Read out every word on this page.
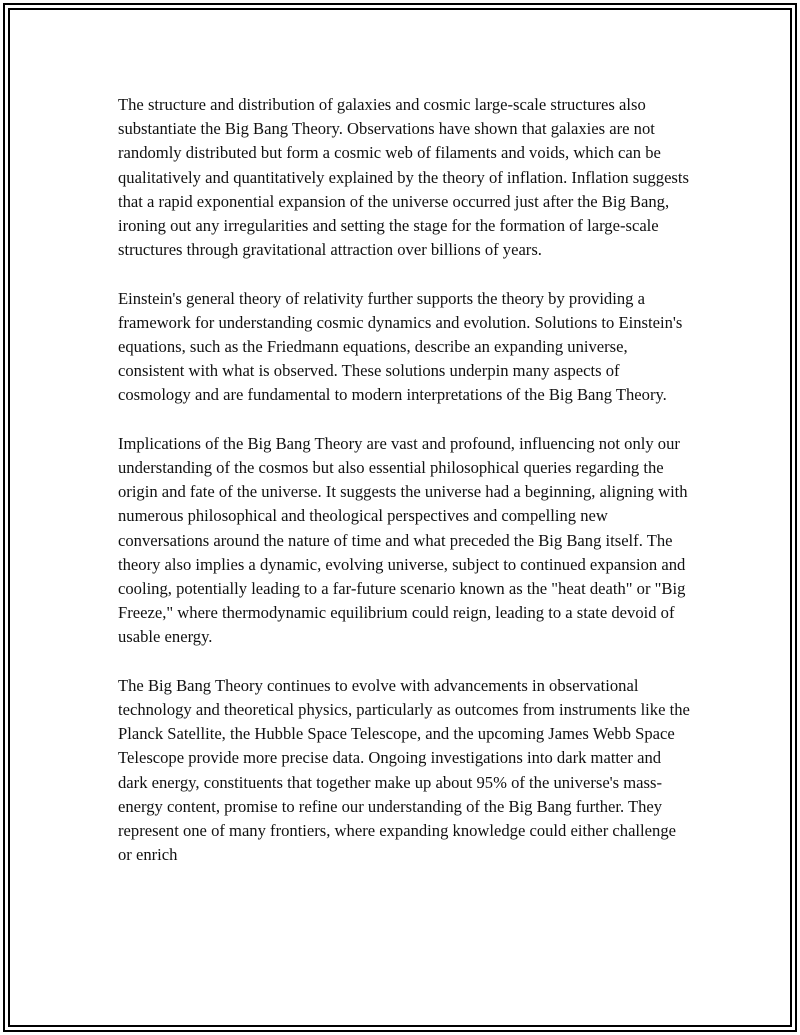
The structure and distribution of galaxies and cosmic large-scale structures also substantiate the Big Bang Theory. Observations have shown that galaxies are not randomly distributed but form a cosmic web of filaments and voids, which can be qualitatively and quantitatively explained by the theory of inflation. Inflation suggests that a rapid exponential expansion of the universe occurred just after the Big Bang, ironing out any irregularities and setting the stage for the formation of large-scale structures through gravitational attraction over billions of years.

Einstein's general theory of relativity further supports the theory by providing a framework for understanding cosmic dynamics and evolution. Solutions to Einstein's equations, such as the Friedmann equations, describe an expanding universe, consistent with what is observed. These solutions underpin many aspects of cosmology and are fundamental to modern interpretations of the Big Bang Theory.

Implications of the Big Bang Theory are vast and profound, influencing not only our understanding of the cosmos but also essential philosophical queries regarding the origin and fate of the universe. It suggests the universe had a beginning, aligning with numerous philosophical and theological perspectives and compelling new conversations around the nature of time and what preceded the Big Bang itself. The theory also implies a dynamic, evolving universe, subject to continued expansion and cooling, potentially leading to a far-future scenario known as the "heat death" or "Big Freeze," where thermodynamic equilibrium could reign, leading to a state devoid of usable energy.

The Big Bang Theory continues to evolve with advancements in observational technology and theoretical physics, particularly as outcomes from instruments like the Planck Satellite, the Hubble Space Telescope, and the upcoming James Webb Space Telescope provide more precise data. Ongoing investigations into dark matter and dark energy, constituents that together make up about 95% of the universe's mass-energy content, promise to refine our understanding of the Big Bang further. They represent one of many frontiers, where expanding knowledge could either challenge or enrich
